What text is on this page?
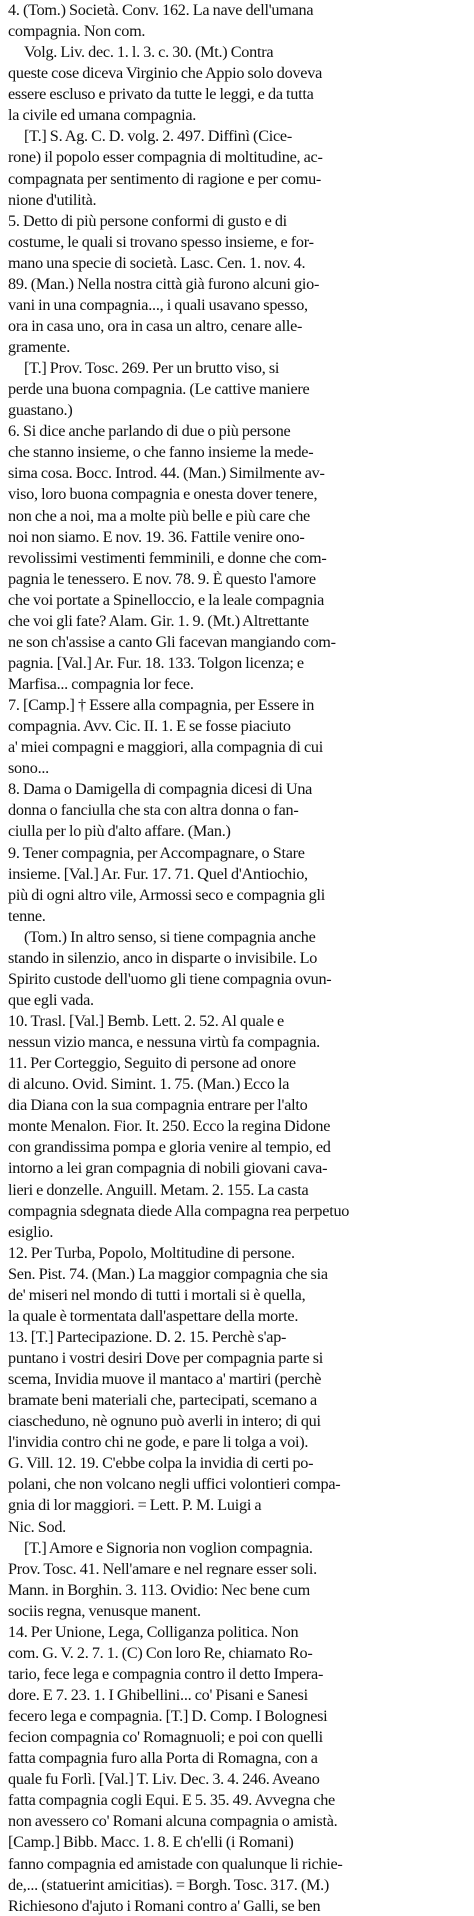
4. (Tom.) Società. Conv. 162. La nave dell'umana
compagnia. Non com.
Volg. Liv. dec. 1. l. 3. c. 30. (Mt.) Contra
queste cose diceva Virginio che Appio solo doveva
essere escluso e privato da tutte le leggi, e da tutta
la civile ed umana compagnia.
[T.] S. Ag. C. D. volg. 2. 497. Diffinì (Cice-
rone) il popolo esser compagnia di moltitudine, ac-
compagnata per sentimento di ragione e per comu-
nione d'utilità.
5. Detto di più persone conformi di gusto e di
costume, le quali si trovano spesso insieme, e for-
mano una specie di società. Lasc. Cen. 1. nov. 4.
89. (Man.) Nella nostra città già furono alcuni gio-
vani in una compagnia..., i quali usavano spesso,
ora in casa uno, ora in casa un altro, cenare alle-
gramente.
[T.] Prov. Tosc. 269. Per un brutto viso, si
perde una buona compagnia. (Le cattive maniere
guastano.)
6. Si dice anche parlando di due o più persone
che stanno insieme, o che fanno insieme la mede-
sima cosa. Bocc. Introd. 44. (Man.) Similmente av-
viso, loro buona compagnia e onesta dover tenere,
non che a noi, ma a molte più belle e più care che
noi non siamo. E nov. 19. 36. Fattile venire ono-
revolissimi vestimenti femminili, e donne che com-
pagnia le tenessero. E nov. 78. 9. È questo l'amore
che voi portate a Spinelloccio, e la leale compagnia
che voi gli fate? Alam. Gir. 1. 9. (Mt.) Altrettante
ne son ch'assise a canto Gli facevan mangiando com-
pagnia. [Val.] Ar. Fur. 18. 133. Tolgon licenza; e
Marfisa... compagnia lor fece.
7. [Camp.] † Essere alla compagnia, per Essere in
compagnia. Avv. Cic. II. 1. E se fosse piaciuto
a' miei compagni e maggiori, alla compagnia di cui
sono...
8. Dama o Damigella di compagnia dicesi di Una
donna o fanciulla che sta con altra donna o fan-
ciulla per lo più d'alto affare. (Man.)
9. Tener compagnia, per Accompagnare, o Stare
insieme. [Val.] Ar. Fur. 17. 71. Quel d'Antiochio,
più di ogni altro vile, Armossi seco e compagnia gli
tenne.
(Tom.) In altro senso, si tiene compagnia anche
stando in silenzio, anco in disparte o invisibile. Lo
Spirito custode dell'uomo gli tiene compagnia ovun-
que egli vada.
10. Trasl. [Val.] Bemb. Lett. 2. 52. Al quale e
nessun vizio manca, e nessuna virtù fa compagnia.
11. Per Corteggio, Seguito di persone ad onore
di alcuno. Ovid. Simint. 1. 75. (Man.) Ecco la
dia Diana con la sua compagnia entrare per l'alto
monte Menalon. Fior. It. 250. Ecco la regina Didone
con grandissima pompa e gloria venire al tempio, ed
intorno a lei gran compagnia di nobili giovani cava-
lieri e donzelle. Anguill. Metam. 2. 155. La casta
compagnia sdegnata diede Alla compagna rea perpetuo
esiglio.
12. Per Turba, Popolo, Moltitudine di persone.
Sen. Pist. 74. (Man.) La maggior compagnia che sia
de' miseri nel mondo di tutti i mortali si è quella,
la quale è tormentata dall'aspettare della morte.
13. [T.] Partecipazione. D. 2. 15. Perchè s'ap-
puntano i vostri desiri Dove per compagnia parte si
scema, Invidia muove il mantaco a' martiri (perchè
bramate beni materiali che, partecipati, scemano a
ciascheduno, nè ognuno può averli in intero; di qui
l'invidia contro chi ne gode, e pare li tolga a voi).
G. Vill. 12. 19. C'ebbe colpa la invidia di certi po-
polani, che non volcano negli uffici volontieri compa-
gnia di lor maggiori. = Lett. P. M. Luigi a
Nic. Sod.
[T.] Amore e Signoria non voglion compagnia.
Prov. Tosc. 41. Nell'amare e nel regnare esser soli.
Mann. in Borghin. 3. 113. Ovidio: Nec bene cum
sociis regna, venusque manent.
14. Per Unione, Lega, Colliganza politica. Non
com. G. V. 2. 7. 1. (C) Con loro Re, chiamato Ro-
tario, fece lega e compagnia contro il detto Impera-
dore. E 7. 23. 1. I Ghibellini... co' Pisani e Sanesi
fecero lega e compagnia. [T.] D. Comp. I Bolognesi
fecion compagnia co' Romagnuoli; e poi con quelli
fatta compagnia furo alla Porta di Romagna, con a
quale fu Forlì. [Val.] T. Liv. Dec. 3. 4. 246. Aveano
fatta compagnia cogli Equi. E 5. 35. 49. Avvegna che
non avessero co' Romani alcuna compagnia o amistà.
[Camp.] Bibb. Macc. 1. 8. E ch'elli (i Romani)
fanno compagnia ed amistade con qualunque li richie-
de,... (statuerint amicitias). = Borgh. Tosc. 317. (M.)
Richiesono d'ajuto i Romani contro a' Galli, se ben
